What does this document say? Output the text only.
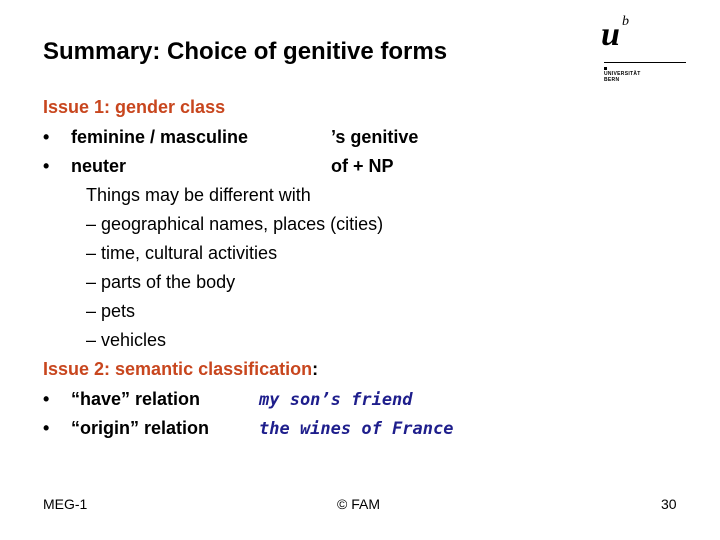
u b
UNIVERSITÄT
BERN
Summary: Choice of genitive forms
Issue 1: gender class
• feminine / masculine	’s genitive
• neuter	of + NP
Things may be different with
– geographical names, places (cities)
– time, cultural activities
– parts of the body
– pets
– vehicles
Issue 2: semantic classification:
• “have” relation	my son’s friend
• “origin” relation	the wines of France
MEG-1	© FAM	30
